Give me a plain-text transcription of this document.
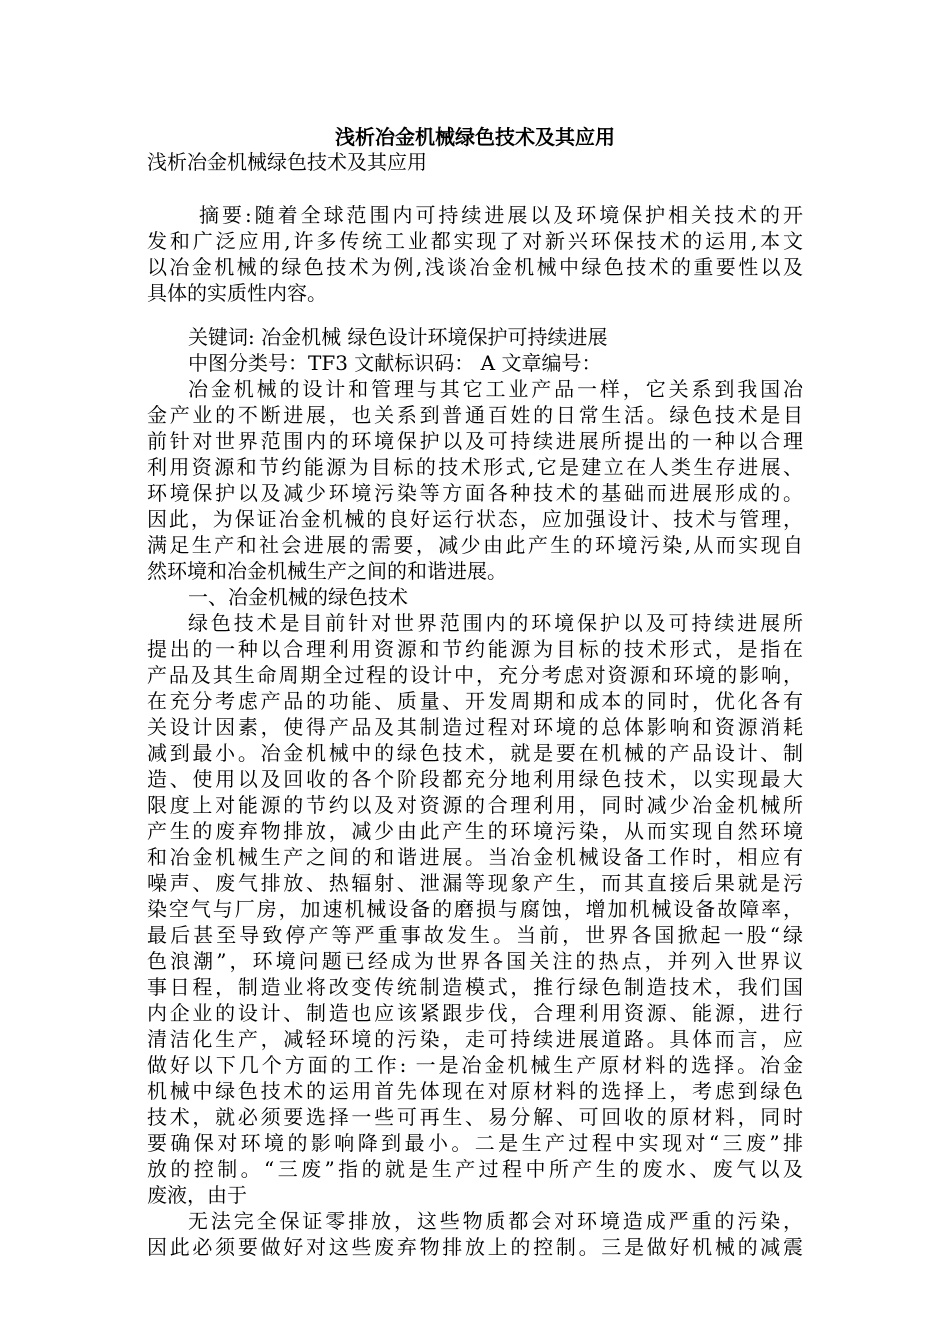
浅析冶金机械绿色技术及其应用
浅析冶金机械绿色技术及其应用
摘要:随着全球范围内可持续进展以及环境保护相关技术的开
发和广泛应用,许多传统工业都实现了对新兴环保技术的运用,本文
以冶金机械的绿色技术为例,浅谈冶金机械中绿色技术的重要性以及
具体的实质性内容。
关键词: 冶金机械 绿色设计环境保护可持续进展
中图分类号：TF3 文献标识码： A 文章编号：
冶金机械的设计和管理与其它工业产品一样，它关系到我国冶
金产业的不断进展，也关系到普通百姓的日常生活。绿色技术是目
前针对世界范围内的环境保护以及可持续进展所提出的一种以合理
利用资源和节约能源为目标的技术形式,它是建立在人类生存进展、
环境保护以及减少环境污染等方面各种技术的基础而进展形成的。
因此，为保证冶金机械的良好运行状态，应加强设计、技术与管理，
满足生产和社会进展的需要，减少由此产生的环境污染,从而实现自
然环境和冶金机械生产之间的和谐进展。
一、冶金机械的绿色技术
绿色技术是目前针对世界范围内的环境保护以及可持续进展所
提出的一种以合理利用资源和节约能源为目标的技术形式，是指在
产品及其生命周期全过程的设计中，充分考虑对资源和环境的影响，
在充分考虑产品的功能、质量、开发周期和成本的同时，优化各有
关设计因素，使得产品及其制造过程对环境的总体影响和资源消耗
减到最小。冶金机械中的绿色技术，就是要在机械的产品设计、制
造、使用以及回收的各个阶段都充分地利用绿色技术，以实现最大
限度上对能源的节约以及对资源的合理利用，同时减少冶金机械所
产生的废弃物排放，减少由此产生的环境污染，从而实现自然环境
和冶金机械生产之间的和谐进展。当冶金机械设备工作时，相应有
噪声、废气排放、热辐射、泄漏等现象产生，而其直接后果就是污
染空气与厂房，加速机械设备的磨损与腐蚀，增加机械设备故障率，
最后甚至导致停产等严重事故发生。当前，世界各国掀起一股“绿
色浪潮”，环境问题已经成为世界各国关注的热点，并列入世界议
事日程，制造业将改变传统制造模式，推行绿色制造技术，我们国
内企业的设计、制造也应该紧跟步伐，合理利用资源、能源，进行
清洁化生产，减轻环境的污染，走可持续进展道路。具体而言，应
做好以下几个方面的工作: 一是冶金机械生产原材料的选择。冶金
机械中绿色技术的运用首先体现在对原材料的选择上，考虑到绿色
技术，就必须要选择一些可再生、易分解、可回收的原材料，同时
要确保对环境的影响降到最小。二是生产过程中实现对“三废”排
放的控制。“三废”指的就是生产过程中所产生的废水、废气以及
废液，由于
无法完全保证零排放，这些物质都会对环境造成严重的污染，
因此必须要做好对这些废弃物排放上的控制。三是做好机械的减震
